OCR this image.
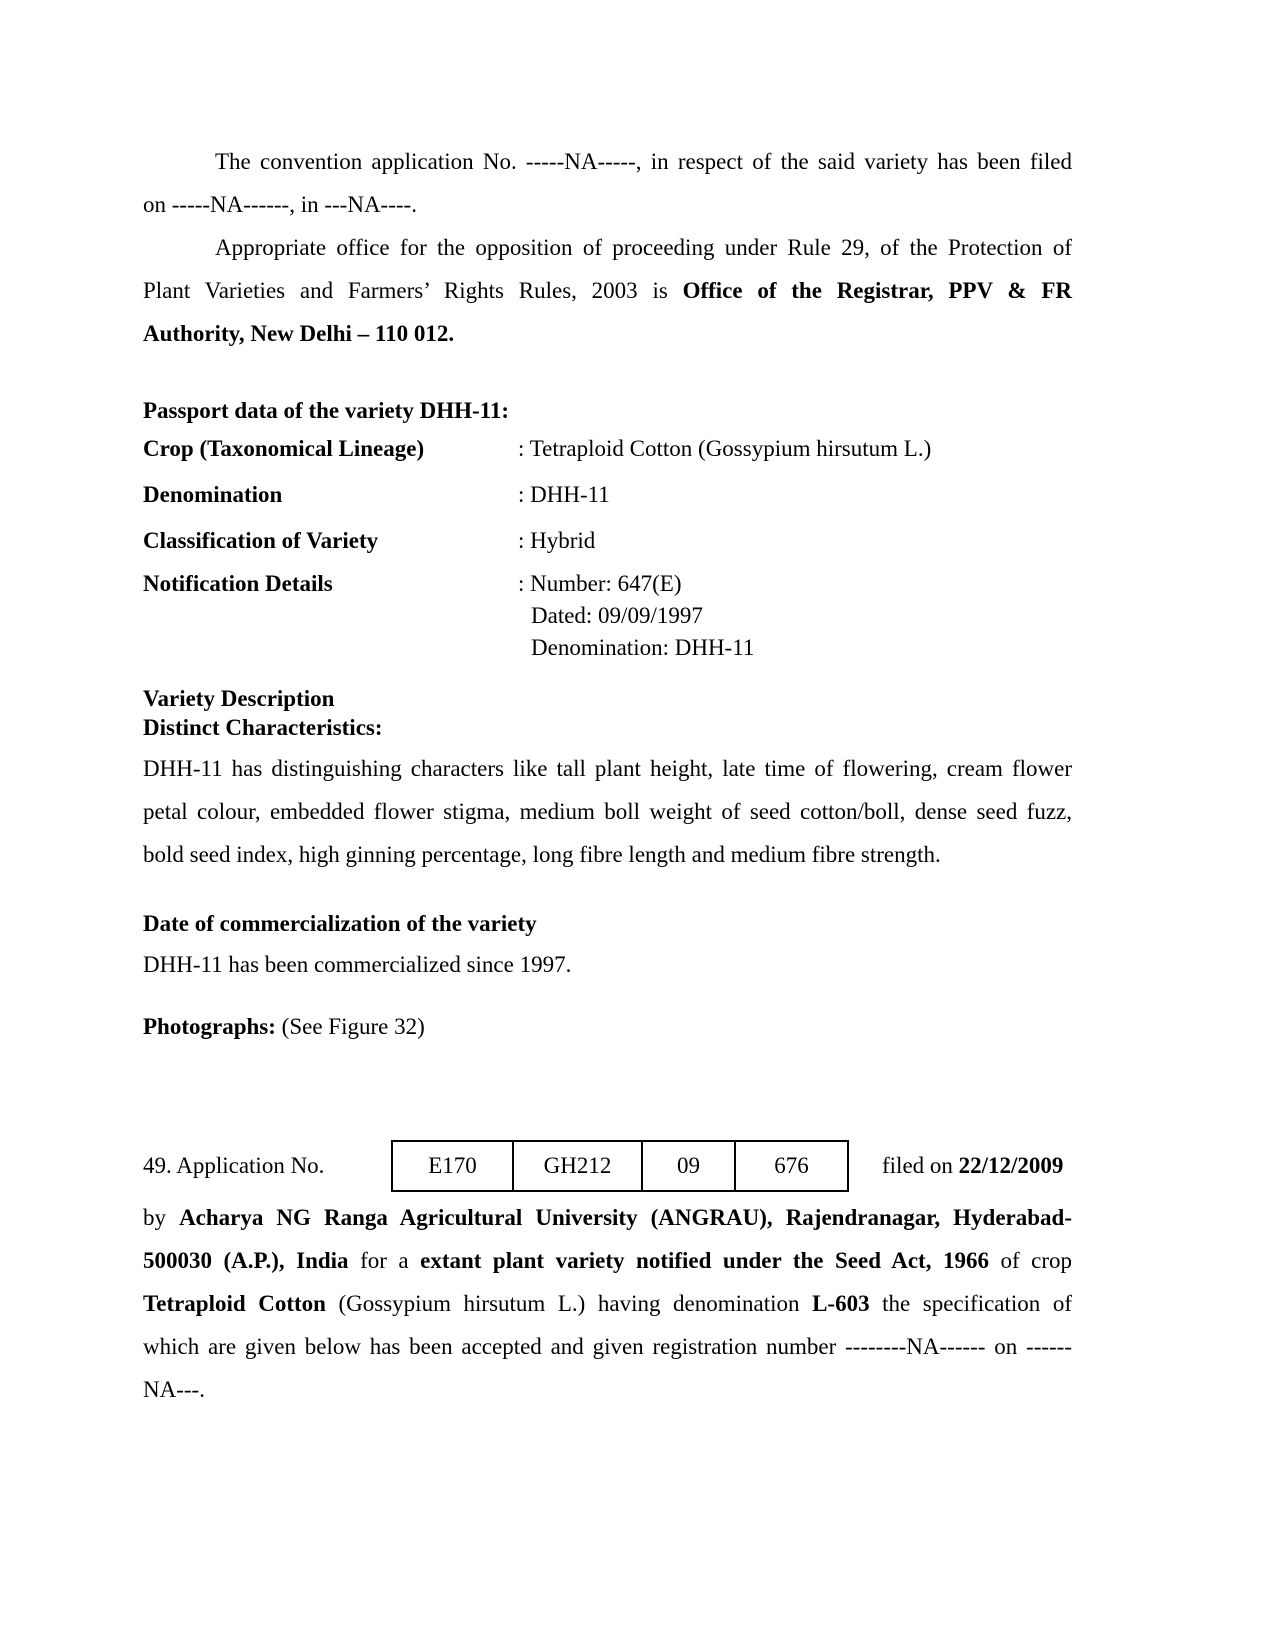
The convention application No. -----NA-----, in respect of the said variety has been filed
on -----NA------, in ---NA----.
Appropriate office for the opposition of proceeding under Rule 29, of the Protection of
Plant Varieties and Farmers’ Rights Rules, 2003 is Office of the Registrar, PPV & FR
Authority, New Delhi – 110 012.
Passport data of the variety DHH-11:
Crop (Taxonomical Lineage)	: Tetraploid Cotton (Gossypium hirsutum L.)
Denomination	: DHH-11
Classification of Variety	: Hybrid
Notification Details	: Number: 647(E)
Dated: 09/09/1997
Denomination: DHH-11
Variety Description
Distinct Characteristics:
DHH-11 has distinguishing characters like tall plant height, late time of flowering, cream flower
petal colour, embedded flower stigma, medium boll weight of seed cotton/boll, dense seed fuzz,
bold seed index, high ginning percentage, long fibre length and medium fibre strength.
Date of commercialization of the variety
DHH-11 has been commercialized since 1997.
Photographs: (See Figure 32)
49. Application No.	E170	GH212	09	676	filed on 22/12/2009
by Acharya NG Ranga Agricultural University (ANGRAU), Rajendranagar, Hyderabad-
500030 (A.P.), India for a extant plant variety notified under the Seed Act, 1966 of crop
Tetraploid Cotton (Gossypium hirsutum L.) having denomination L-603 the specification of
which are given below has been accepted and given registration number --------NA------ on ------
NA---.
